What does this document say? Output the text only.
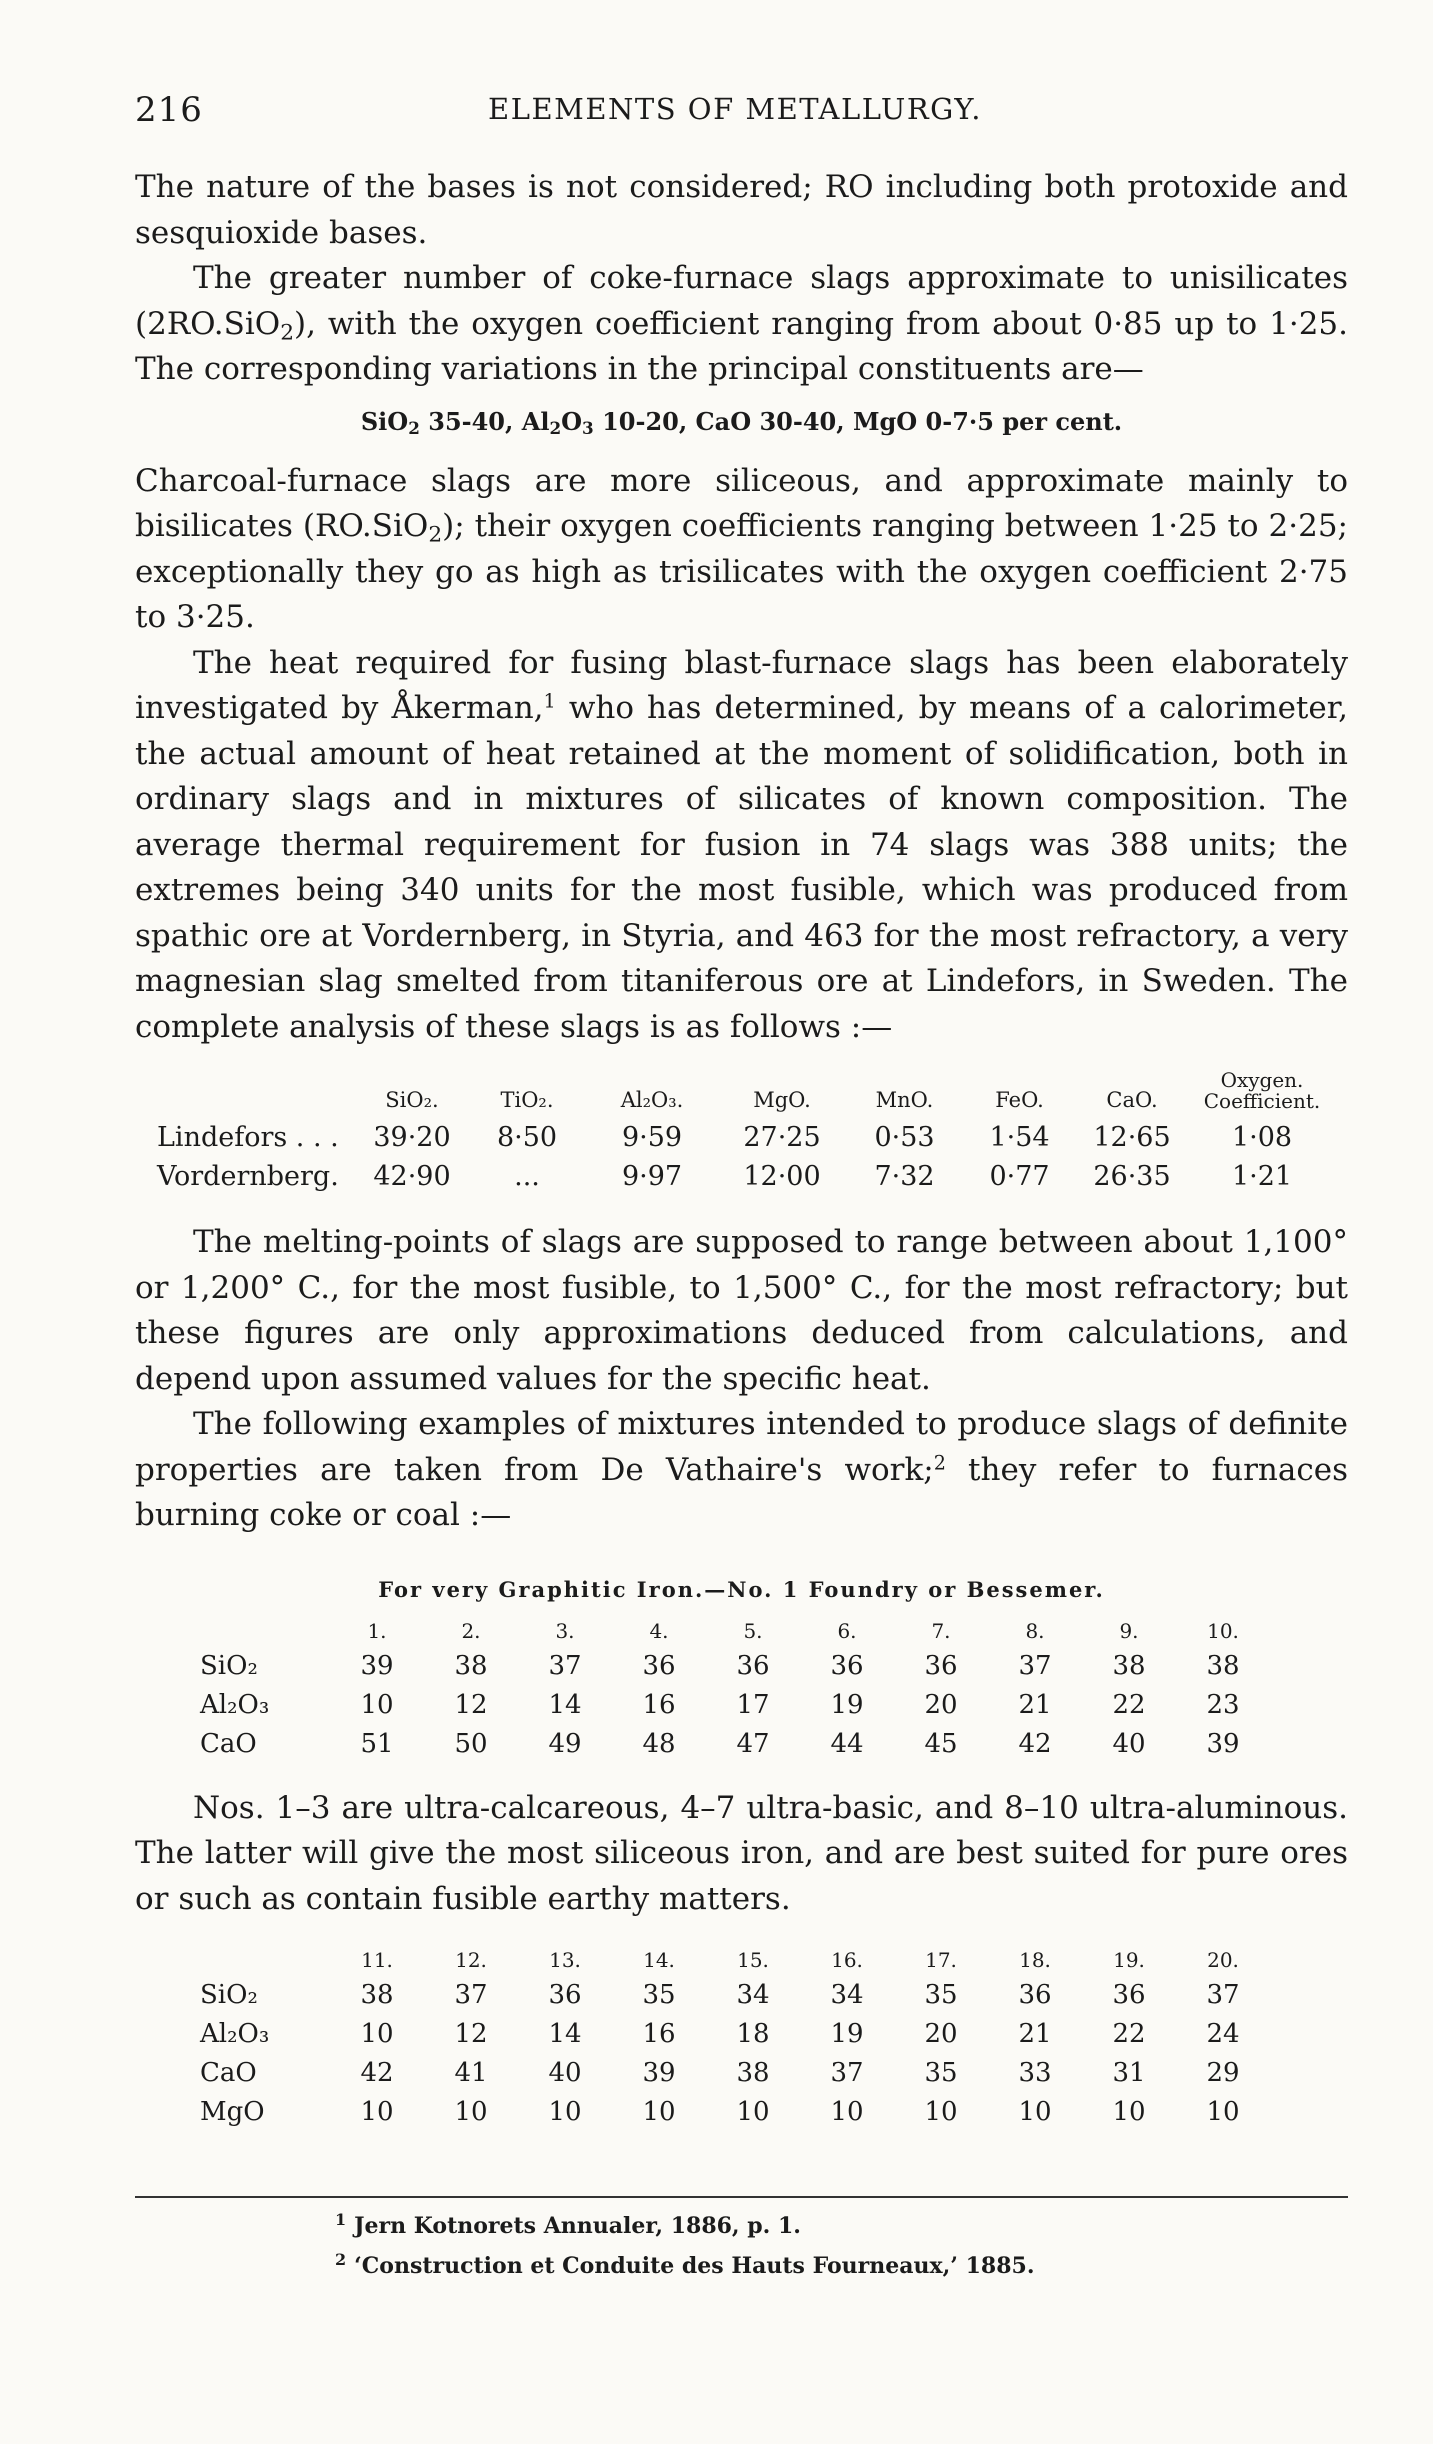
216	ELEMENTS OF METALLURGY.

The nature of the bases is not considered; RO including both protoxide and sesquioxide bases.

The greater number of coke-furnace slags approximate to unisilicates (2RO.SiO$_2$), with the oxygen coefficient ranging from about 0·85 up to 1·25. The corresponding variations in the principal constituents are—

SiO$_2$ 35-40, $Al_2O_3$ 10-20, CaO 30-40, MgO 0-7·5 per cent.

Charcoal-furnace slags are more siliceous, and approximate mainly to bisilicates (RO.SiO$_2$); their oxygen coefficients ranging between 1·25 to 2·25; exceptionally they go as high as trisilicates with the oxygen coefficient 2·75 to 3·25.

The heat required for fusing blast-furnace slags has been elaborately investigated by Åkerman,$^1$ who has determined, by means of a calorimeter, the actual amount of heat retained at the moment of solidification, both in ordinary slags and in mixtures of silicates of known composition. The average thermal requirement for fusion in 74 slags was 388 units; the extremes being 340 units for the most fusible, which was produced from spathic ore at Vordernberg, in Styria, and 463 for the most refractory, a very magnesian slag smelted from titaniferous ore at Lindefors, in Sweden. The complete analysis of these slags is as follows :—

	SiO₂.	TiO₂.	Al₂O₃.	MgO.	MnO.	FeO.	CaO.	Oxygen. Coefficient.
Lindefors . . .	39·20	8·50	9·59	27·25	0·53	1·54	12·65	1·08
Vordernberg.	42·90	...	9·97	12·00	7·32	0·77	26·35	1·21

The melting-points of slags are supposed to range between about 1,100° or 1,200° C., for the most fusible, to 1,500° C., for the most refractory; but these figures are only approximations deduced from calculations, and depend upon assumed values for the specific heat.

The following examples of mixtures intended to produce slags of definite properties are taken from De Vathaire's work;$^2$ they refer to furnaces burning coke or coal :—

For very Graphitic Iron.—No. 1 Foundry or Bessemer.
	1.	2.	3.	4.	5.	6.	7.	8.	9.	10.
SiO₂	39	38	37	36	36	36	36	37	38	38
Al₂O₃	10	12	14	16	17	19	20	21	22	23
CaO	51	50	49	48	47	44	45	42	40	39

Nos. 1–3 are ultra-calcareous, 4–7 ultra-basic, and 8–10 ultra-aluminous. The latter will give the most siliceous iron, and are best suited for pure ores or such as contain fusible earthy matters.

	11.	12.	13.	14.	15.	16.	17.	18.	19.	20.
SiO₂	38	37	36	35	34	34	35	36	36	37
Al₂O₃	10	12	14	16	18	19	20	21	22	24
CaO	42	41	40	39	38	37	35	33	31	29
MgO	10	10	10	10	10	10	10	10	10	10
$^1$ Jern Kotnorets Annualer, 1886, p. 1.
$^2$ ‘Construction et Conduite des Hauts Fourneaux,’ 1885.
